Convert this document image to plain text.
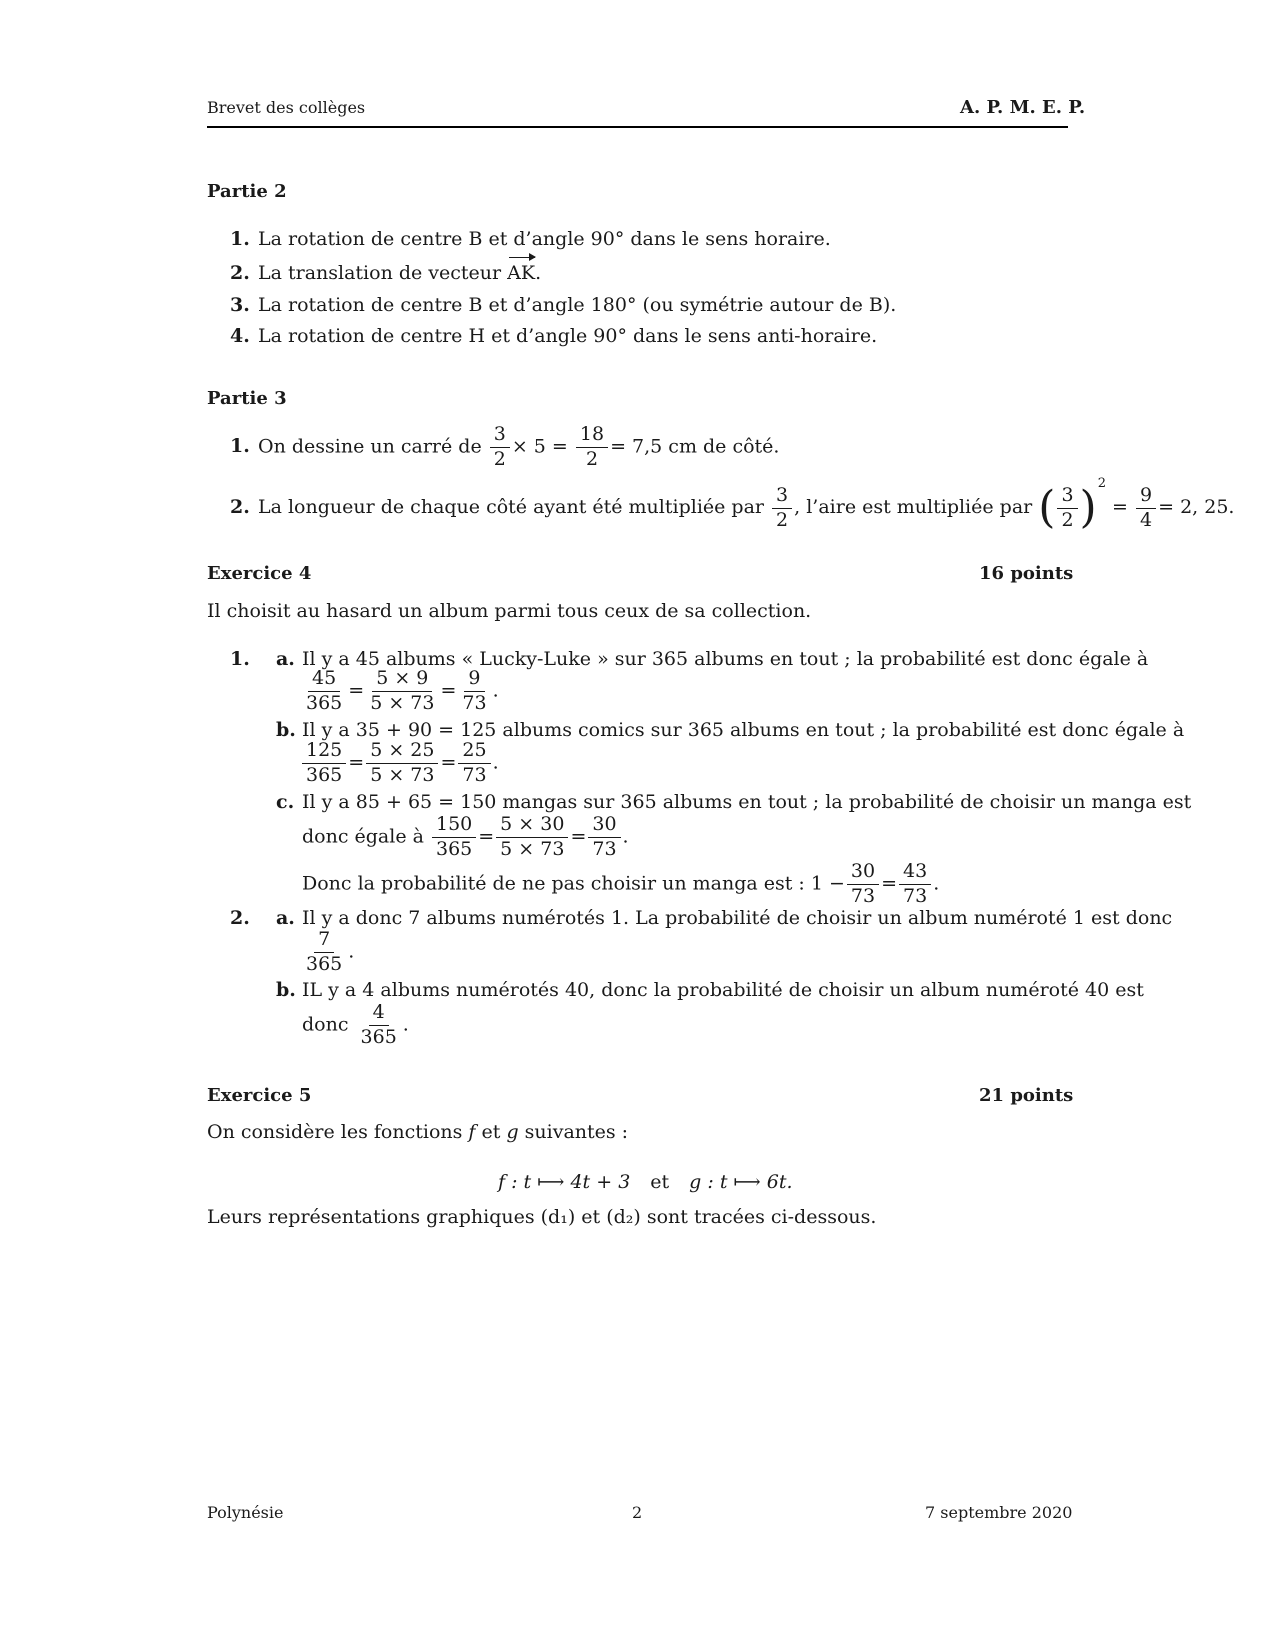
Brevet des collèges	A. P. M. E. P.
Partie 2
1. La rotation de centre B et d’angle 90° dans le sens horaire.
2. La translation de vecteur AK.
3. La rotation de centre B et d’angle 180° (ou symétrie autour de B).
4. La rotation de centre H et d’angle 90° dans le sens anti-horaire.
Partie 3
1. On dessine un carré de $\frac{3}{2} \times 5 = \frac{18}{2} = 7,5$ cm de côté.
2. La longueur de chaque côté ayant été multipliée par $\frac{3}{2}$ , l’aire est multipliée par ( $\frac{3}{2} )^2 = \frac{9}{4} = 2$, 25.
Exercice 4	16 points
Il choisit au hasard un album parmi tous ceux de sa collection.
1. a. Il y a 45 albums « Lucky-Luke » sur 365 albums en tout ; la probabilité est donc égale à
$\frac{45}{365} = \frac{5 \times 9}{5 \times 73} = \frac{9}{73}$ .
b. Il y a 35 + 90 = 125 albums comics sur 365 albums en tout ; la probabilité est donc égale à
$\frac{125}{365} = \frac{5 \times 25}{5 \times 73} = \frac{25}{73}$ .
c. Il y a 85 + 65 = 150 mangas sur 365 albums en tout ; la probabilité de choisir un manga est
donc égale à $\frac{150}{365} = \frac{5 \times 30}{5 \times 73} = \frac{30}{73}$ .
Donc la probabilité de ne pas choisir un manga est : $1 - \frac{30}{73} = \frac{43}{73}$ .
2. a. Il y a donc 7 albums numérotés 1. La probabilité de choisir un album numéroté 1 est donc
$\frac{7}{365}$ .
b. IL y a 4 albums numérotés 40, donc la probabilité de choisir un album numéroté 40 est
donc $\frac{4}{365}$ .
Exercice 5	21 points
On considère les fonctions f et g suivantes :
f : t ⟼ 4t + 3 et g : t ⟼ 6t.
Leurs représentations graphiques (d₁) et (d₂) sont tracées ci-dessous.
Polynésie	2	7 septembre 2020
